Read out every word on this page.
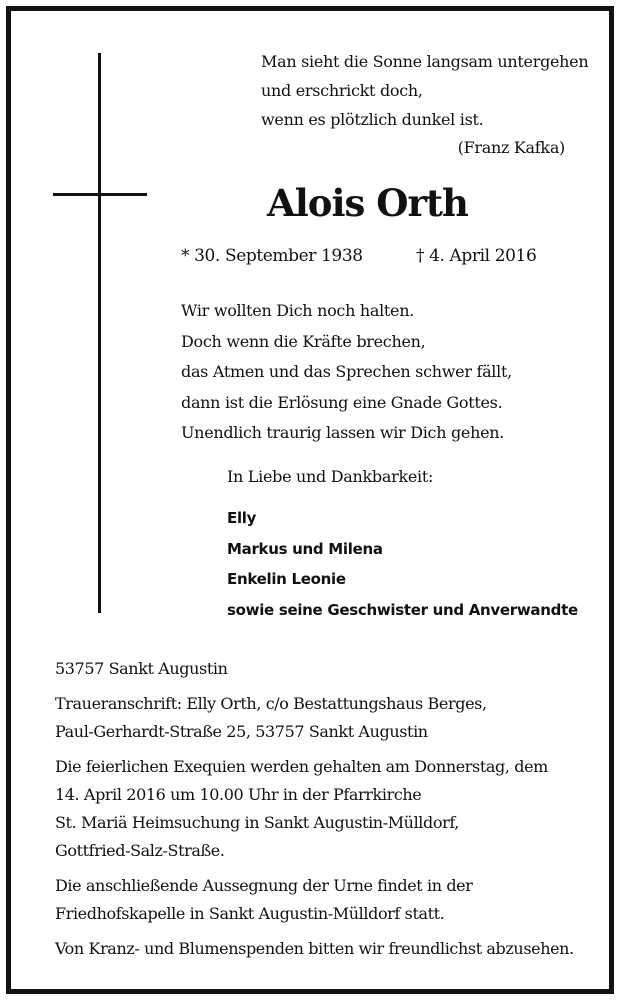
Man sieht die Sonne langsam untergehen
und erschrickt doch,
wenn es plötzlich dunkel ist.
(Franz Kafka)
Alois Orth
* 30. September 1938	† 4. April 2016
Wir wollten Dich noch halten.
Doch wenn die Kräfte brechen,
das Atmen und das Sprechen schwer fällt,
dann ist die Erlösung eine Gnade Gottes.
Unendlich traurig lassen wir Dich gehen.
In Liebe und Dankbarkeit:
Elly
Markus und Milena
Enkelin Leonie
sowie seine Geschwister und Anverwandte
53757 Sankt Augustin
Traueranschrift: Elly Orth, c/o Bestattungshaus Berges,
Paul-Gerhardt-Straße 25, 53757 Sankt Augustin
Die feierlichen Exequien werden gehalten am Donnerstag, dem
14. April 2016 um 10.00 Uhr in der Pfarrkirche
St. Mariä Heimsuchung in Sankt Augustin-Mülldorf,
Gottfried-Salz-Straße.
Die anschließende Aussegnung der Urne findet in der
Friedhofskapelle in Sankt Augustin-Mülldorf statt.
Von Kranz- und Blumenspenden bitten wir freundlichst abzusehen.
